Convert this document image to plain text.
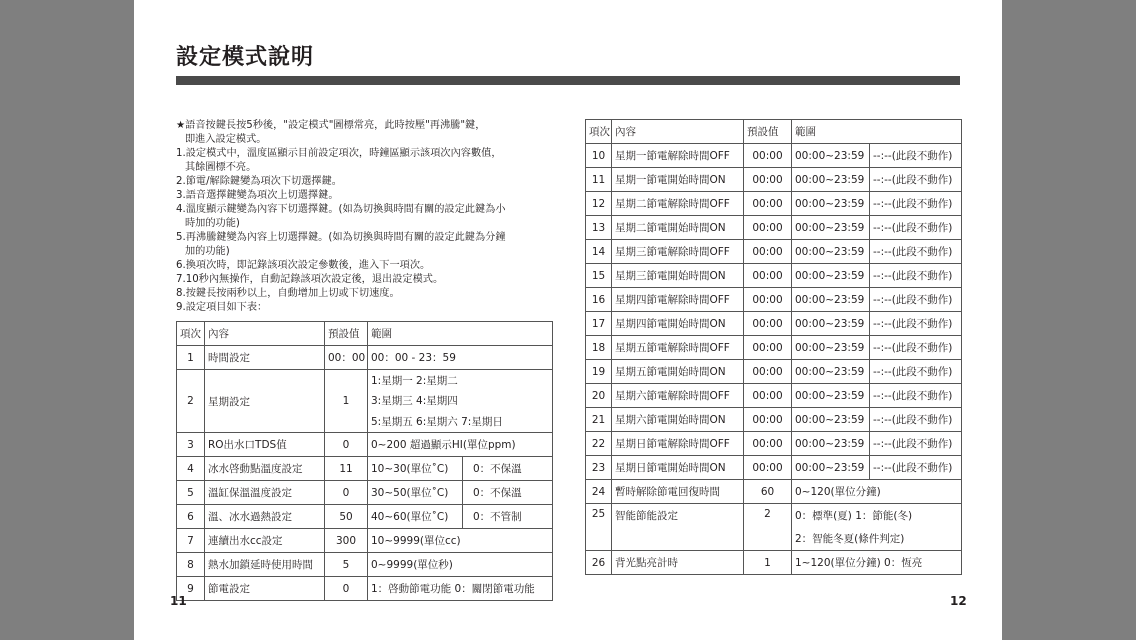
設定模式說明
★語音按鍵長按5秒後，"設定模式"圖標常亮，此時按壓"再沸騰"鍵，
即進入設定模式。
1.設定模式中，溫度區顯示目前設定項次，時鐘區顯示該項次內容數值，
其餘圖標不亮。
2.節電/解除鍵變為項次下切選擇鍵。
3.語音選擇鍵變為項次上切選擇鍵。
4.溫度顯示鍵變為內容下切選擇鍵。(如為切換與時間有關的設定此鍵為小
時加的功能)
5.再沸騰鍵變為內容上切選擇鍵。(如為切換與時間有關的設定此鍵為分鐘
加的功能)
6.換項次時，即記錄該項次設定參數後，進入下一項次。
7.10秒內無操作，自動記錄該項次設定後，退出設定模式。
8.按鍵長按兩秒以上，自動增加上切或下切速度。
9.設定項目如下表：
項次	內容	預設值	範圍	
1	時間設定	00：00	00：00 - 23：59	
2	星期設定	1	1:星期一 2:星期二	
			3:星期三 4:星期四	
			5:星期五 6:星期六 7:星期日	
3	RO出水口TDS值	0	0~200 超過顯示HI(單位ppm)	
4	冰水啓動點溫度設定	11	10~30(單位˚C)	0：不保溫
5	溫缸保溫溫度設定	0	30~50(單位˚C)	0：不保溫
6	溫、冰水過熱設定	50	40~60(單位˚C)	0：不管制
7	連續出水cc設定	300	10~9999(單位cc)	
8	熱水加鎖延時使用時間	5	0~9999(單位秒)	
9	節電設定	0	1：啓動節電功能 0：關閉節電功能	
項次	內容	預設值	範圍	
10	星期一節電解除時間OFF	00:00	00:00~23:59	--:--(此段不動作)
11	星期一節電開始時間ON	00:00	00:00~23:59	--:--(此段不動作)
12	星期二節電解除時間OFF	00:00	00:00~23:59	--:--(此段不動作)
13	星期二節電開始時間ON	00:00	00:00~23:59	--:--(此段不動作)
14	星期三節電解除時間OFF	00:00	00:00~23:59	--:--(此段不動作)
15	星期三節電開始時間ON	00:00	00:00~23:59	--:--(此段不動作)
16	星期四節電解除時間OFF	00:00	00:00~23:59	--:--(此段不動作)
17	星期四節電開始時間ON	00:00	00:00~23:59	--:--(此段不動作)
18	星期五節電解除時間OFF	00:00	00:00~23:59	--:--(此段不動作)
19	星期五節電開始時間ON	00:00	00:00~23:59	--:--(此段不動作)
20	星期六節電解除時間OFF	00:00	00:00~23:59	--:--(此段不動作)
21	星期六節電開始時間ON	00:00	00:00~23:59	--:--(此段不動作)
22	星期日節電解除時間OFF	00:00	00:00~23:59	--:--(此段不動作)
23	星期日節電開始時間ON	00:00	00:00~23:59	--:--(此段不動作)
24	暫時解除節電回復時間	60	0~120(單位分鐘)	
25	智能節能設定	2	0：標準(夏) 1：節能(冬)	
			2：智能冬夏(條件判定)	
26	背光點亮計時	1	1~120(單位分鐘) 0：恆亮	
11	12
